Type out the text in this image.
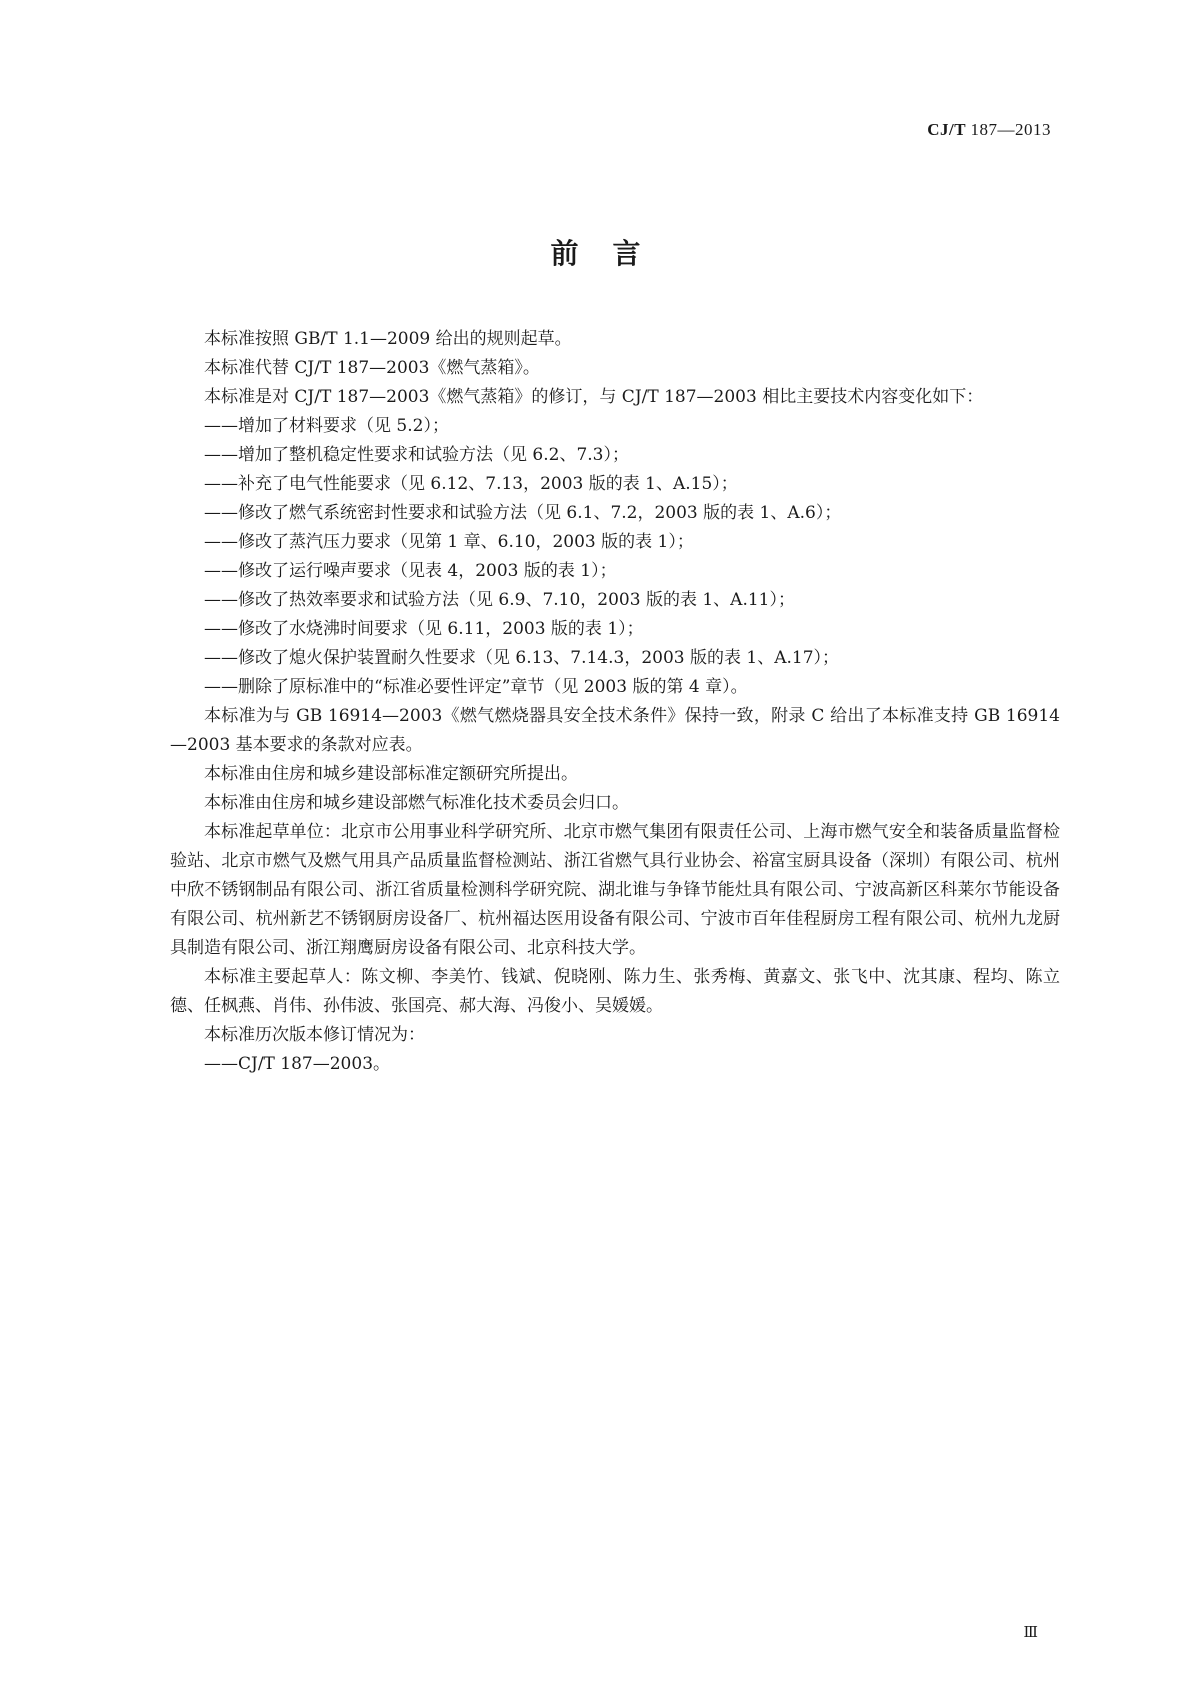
CJ/T 187—2013
前言

本标准按照 GB/T 1.1—2009 给出的规则起草。

本标准代替 CJ/T 187—2003《燃气蒸箱》。

本标准是对 CJ/T 187—2003《燃气蒸箱》的修订，与 CJ/T 187—2003 相比主要技术内容变化如下：

——增加了材料要求（见 5.2）；

——增加了整机稳定性要求和试验方法（见 6.2、7.3）；

——补充了电气性能要求（见 6.12、7.13，2003 版的表 1、A.15）；

——修改了燃气系统密封性要求和试验方法（见 6.1、7.2，2003 版的表 1、A.6）；

——修改了蒸汽压力要求（见第 1 章、6.10，2003 版的表 1）；

——修改了运行噪声要求（见表 4，2003 版的表 1）；

——修改了热效率要求和试验方法（见 6.9、7.10，2003 版的表 1、A.11）；

——修改了水烧沸时间要求（见 6.11，2003 版的表 1）；

——修改了熄火保护装置耐久性要求（见 6.13、7.14.3，2003 版的表 1、A.17）；

——删除了原标准中的“标准必要性评定”章节（见 2003 版的第 4 章）。

本标准为与 GB 16914—2003《燃气燃烧器具安全技术条件》保持一致，附录 C 给出了本标准支持 GB 16914—2003 基本要求的条款对应表。

本标准由住房和城乡建设部标准定额研究所提出。

本标准由住房和城乡建设部燃气标准化技术委员会归口。

本标准起草单位：北京市公用事业科学研究所、北京市燃气集团有限责任公司、上海市燃气安全和装备质量监督检验站、北京市燃气及燃气用具产品质量监督检测站、浙江省燃气具行业协会、裕富宝厨具设备（深圳）有限公司、杭州中欣不锈钢制品有限公司、浙江省质量检测科学研究院、湖北谁与争锋节能灶具有限公司、宁波高新区科莱尔节能设备有限公司、杭州新艺不锈钢厨房设备厂、杭州福达医用设备有限公司、宁波市百年佳程厨房工程有限公司、杭州九龙厨具制造有限公司、浙江翔鹰厨房设备有限公司、北京科技大学。

本标准主要起草人：陈文柳、李美竹、钱斌、倪晓刚、陈力生、张秀梅、黄嘉文、张飞中、沈其康、程均、陈立德、任枫燕、肖伟、孙伟波、张国亮、郝大海、冯俊小、吴媛媛。

本标准历次版本修订情况为：

——CJ/T 187—2003。

Ⅲ
